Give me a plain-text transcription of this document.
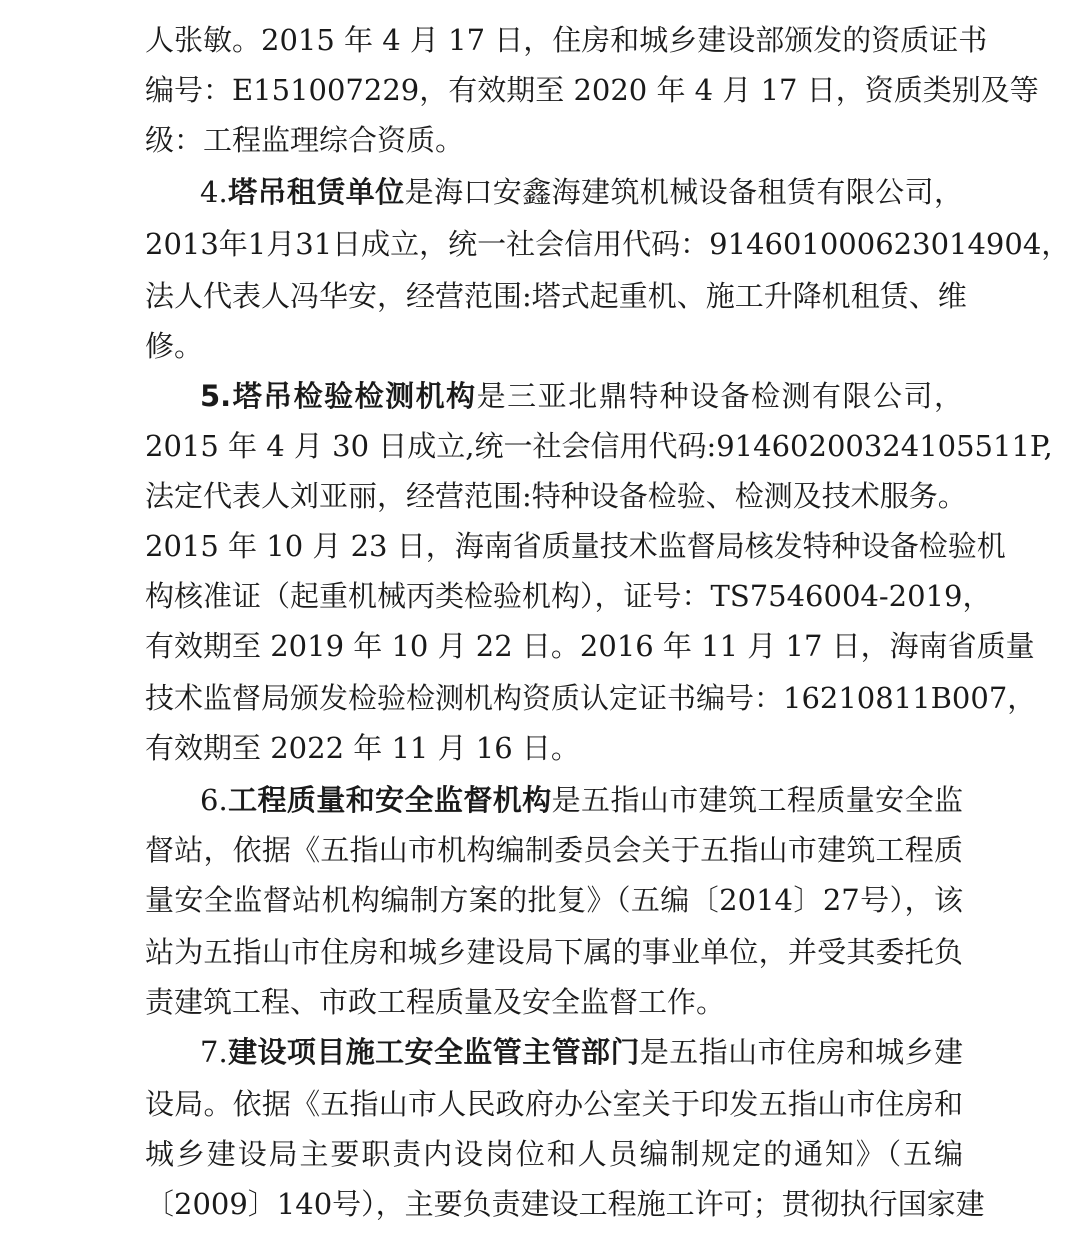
人张敏。2015 年 4 月 17 日，住房和城乡建设部颁发的资质证书
编号：E151007229，有效期至 2020 年 4 月 17 日，资质类别及等
级：工程监理综合资质。
4.塔吊租赁单位是海口安鑫海建筑机械设备租赁有限公司，
2013年1月31日成立，统一社会信用代码：914601000623014904，
法人代表人冯华安，经营范围:塔式起重机、施工升降机租赁、维
修。
5.塔吊检验检测机构是三亚北鼎特种设备检测有限公司，
2015 年 4 月 30 日成立,统一社会信用代码:91460200324105511P,
法定代表人刘亚丽，经营范围:特种设备检验、检测及技术服务。
2015 年 10 月 23 日，海南省质量技术监督局核发特种设备检验机
构核准证（起重机械丙类检验机构），证号：TS7546004-2019，
有效期至 2019 年 10 月 22 日。2016 年 11 月 17 日，海南省质量
技术监督局颁发检验检测机构资质认定证书编号：16210811B007，
有效期至 2022 年 11 月 16 日。
6.工程质量和安全监督机构是五指山市建筑工程质量安全监
督站，依据《五指山市机构编制委员会关于五指山市建筑工程质
量安全监督站机构编制方案的批复》（五编〔2014〕27号），该
站为五指山市住房和城乡建设局下属的事业单位，并受其委托负
责建筑工程、市政工程质量及安全监督工作。
7.建设项目施工安全监管主管部门是五指山市住房和城乡建
设局。依据《五指山市人民政府办公室关于印发五指山市住房和
城乡建设局主要职责内设岗位和人员编制规定的通知》（五编
〔2009〕140号），主要负责建设工程施工许可；贯彻执行国家建
